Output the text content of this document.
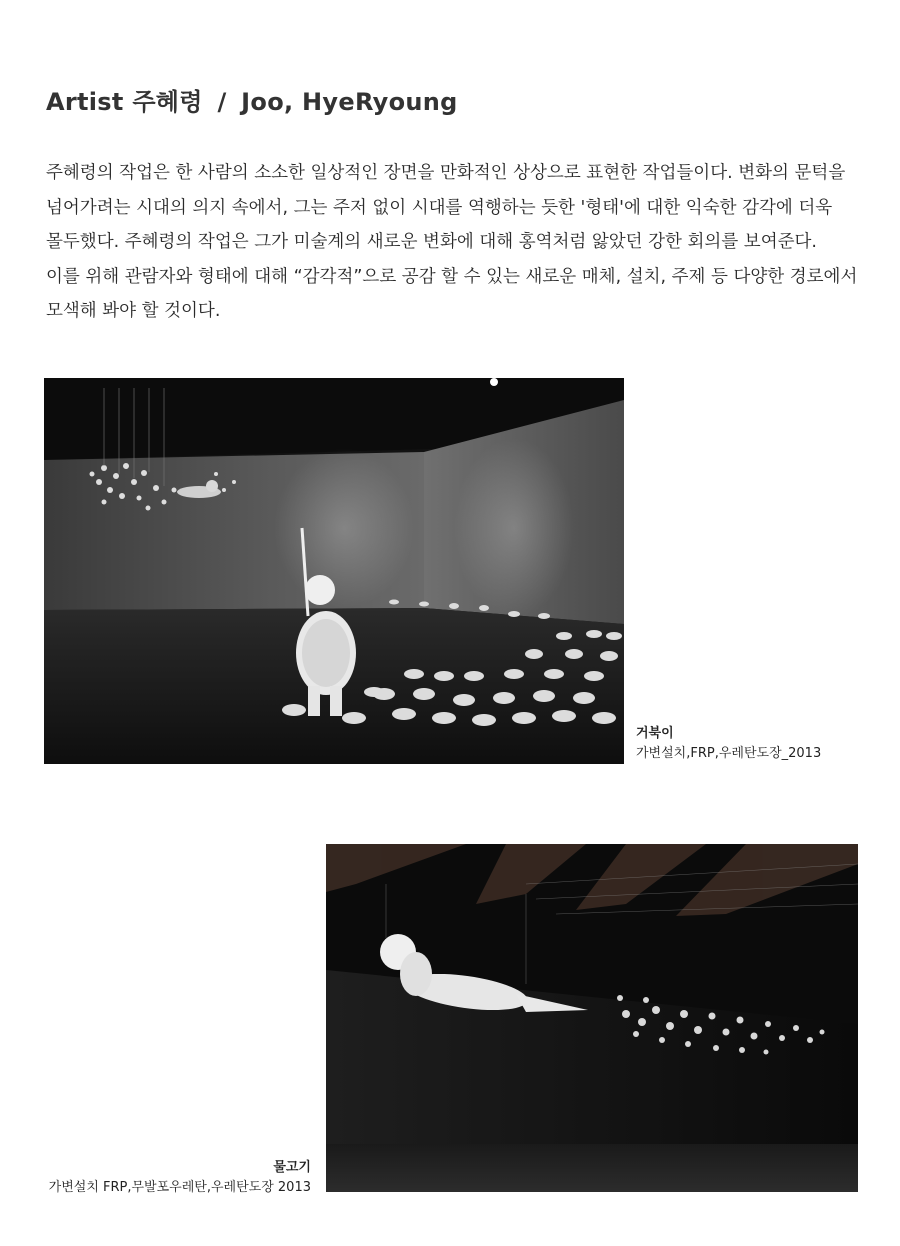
Artist 주혜령 / Joo, HyeRyoung
주혜령의 작업은 한 사람의 소소한 일상적인 장면을 만화적인 상상으로 표현한 작업들이다. 변화의 문턱을
넘어가려는 시대의 의지 속에서, 그는 주저 없이 시대를 역행하는 듯한 '형태'에 대한 익숙한 감각에 더욱
몰두했다. 주혜령의 작업은 그가 미술계의 새로운 변화에 대해 홍역처럼 앓았던 강한 회의를 보여준다.
이를 위해 관람자와 형태에 대해 “감각적”으로 공감 할 수 있는 새로운 매체, 설치, 주제 등 다양한 경로에서
모색해 봐야 할 것이다.
거북이
가변설치,FRP,우레탄도장_2013
물고기
가변설치 FRP,무발포우레탄,우레탄도장 2013
